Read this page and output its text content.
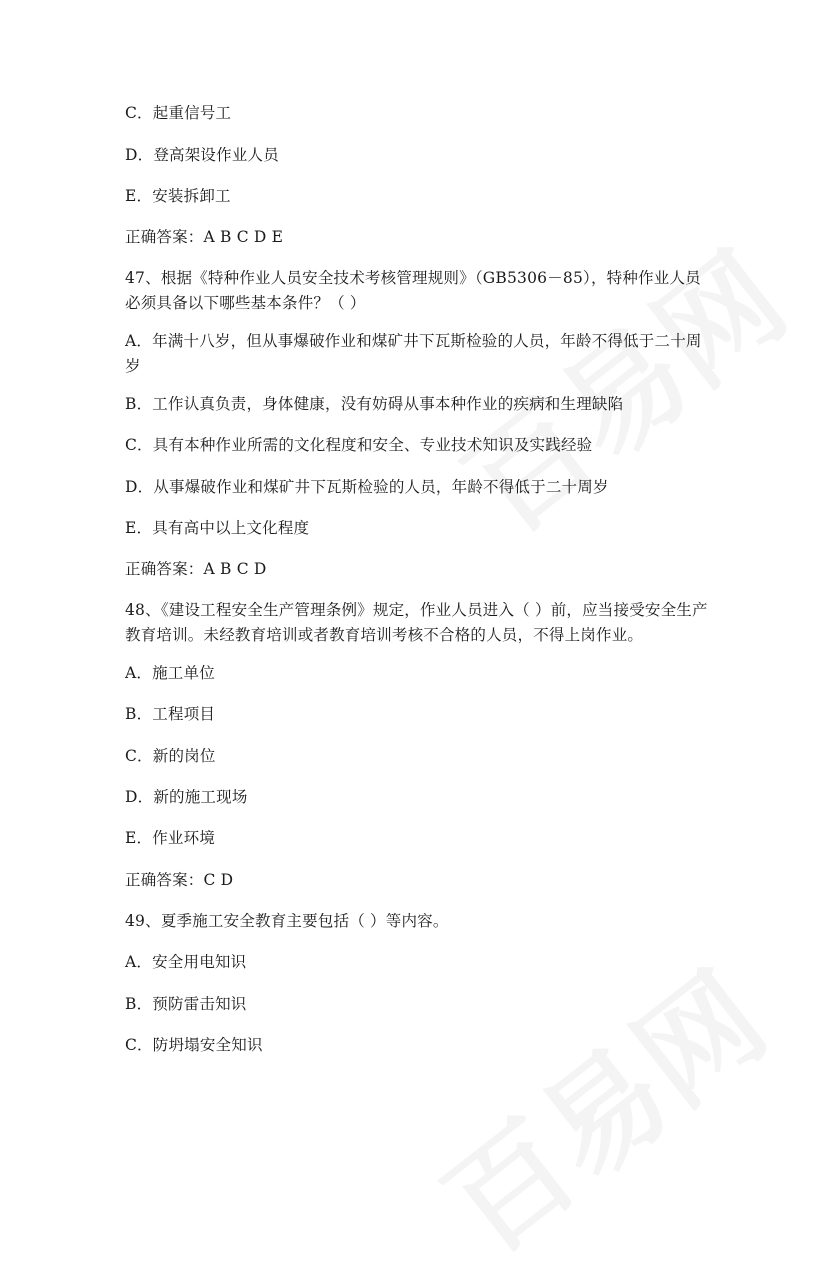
C．起重信号工
D．登高架设作业人员
E．安装拆卸工
正确答案：A B C D E
47、根据《特种作业人员安全技术考核管理规则》（GB5306－85），特种作业人员必须具备以下哪些基本条件？（ ）
A．年满十八岁，但从事爆破作业和煤矿井下瓦斯检验的人员，年龄不得低于二十周岁
B．工作认真负责，身体健康，没有妨碍从事本种作业的疾病和生理缺陷
C．具有本种作业所需的文化程度和安全、专业技术知识及实践经验
D．从事爆破作业和煤矿井下瓦斯检验的人员，年龄不得低于二十周岁
E．具有高中以上文化程度
正确答案：A B C D
48、《建设工程安全生产管理条例》规定，作业人员进入（ ）前，应当接受安全生产教育培训。未经教育培训或者教育培训考核不合格的人员，不得上岗作业。
A．施工单位
B．工程项目
C．新的岗位
D．新的施工现场
E．作业环境
正确答案：C D
49、夏季施工安全教育主要包括（ ）等内容。
A．安全用电知识
B．预防雷击知识
C．防坍塌安全知识
